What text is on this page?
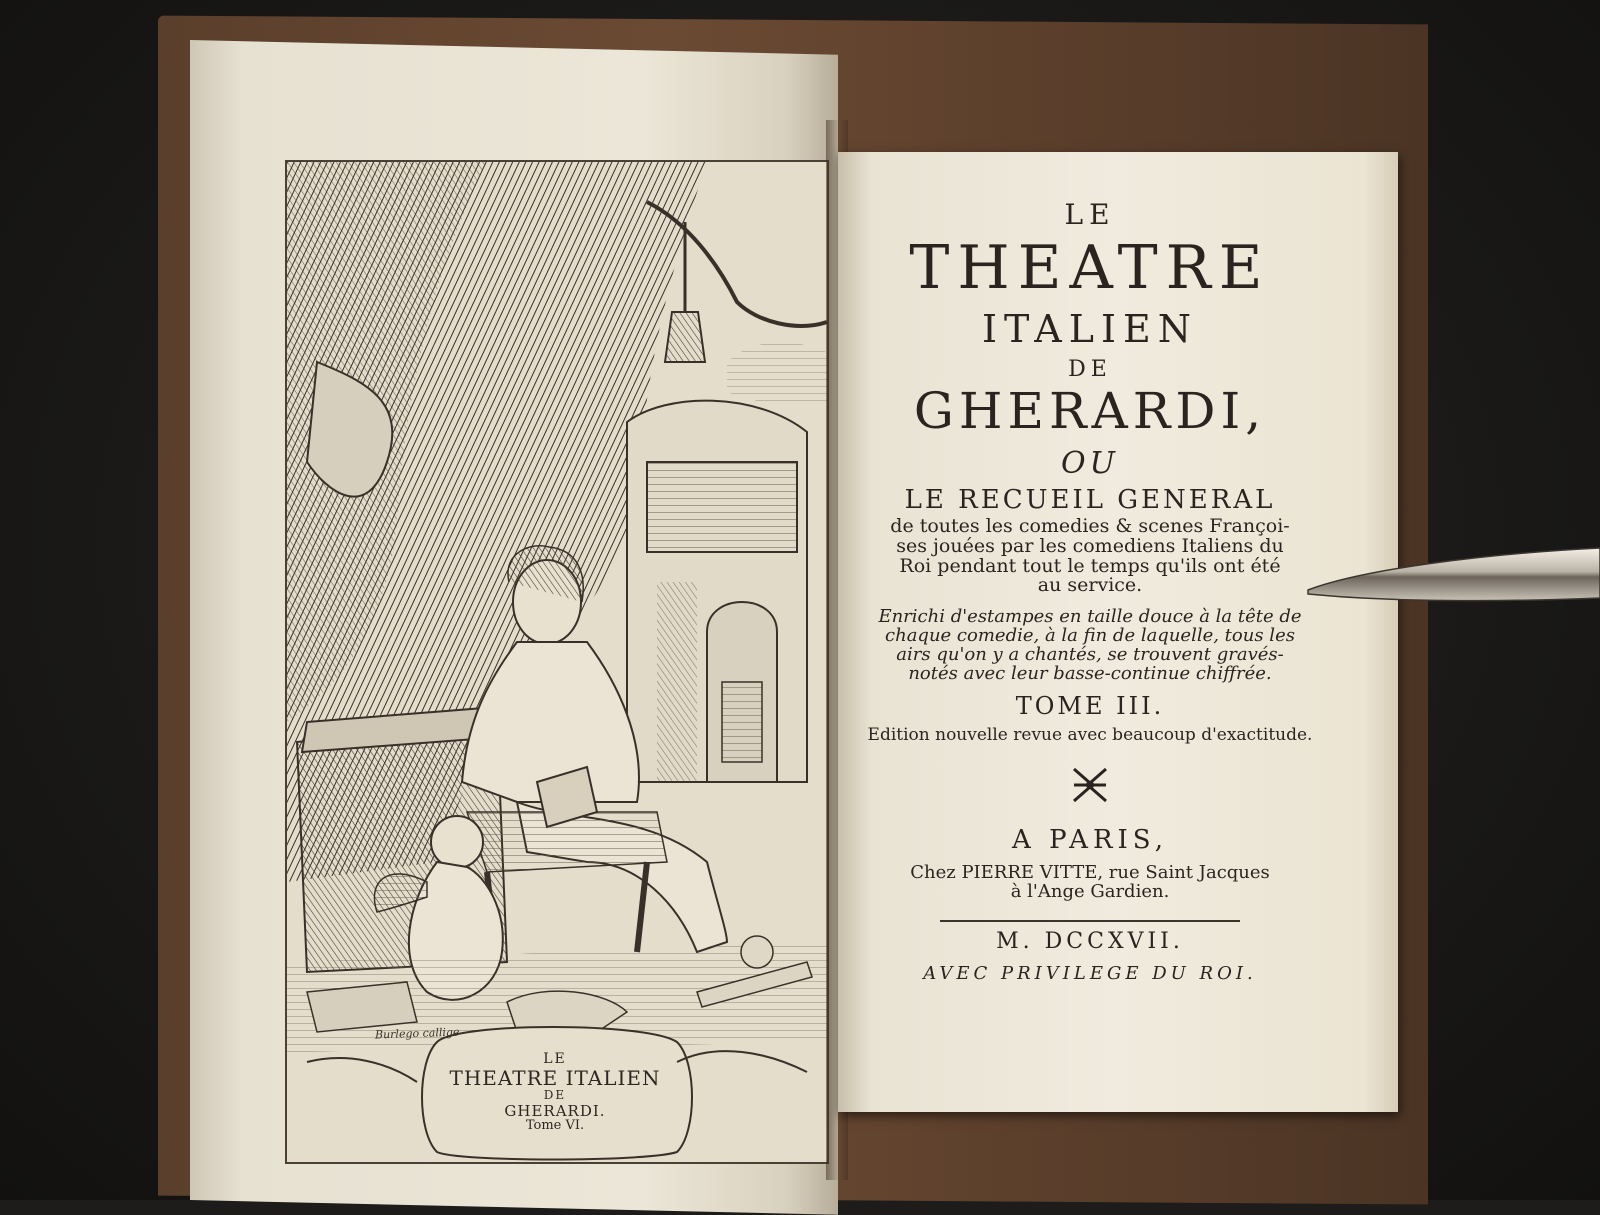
Burlego callige
LE
THEATRE ITALIEN
DE
GHERARDI.
Tome VI.
LE
THEATRE
ITALIEN
DE
GHERARDI,
OU
LE RECUEIL GENERAL
de toutes les comedies & scenes Françoi-
ses jouées par les comediens Italiens du
Roi pendant tout le temps qu'ils ont été
au service.
Enrichi d'estampes en taille douce à la tête de
chaque comedie, à la fin de laquelle, tous les
airs qu'on y a chantés, se trouvent gravés-
notés avec leur basse-continue chiffrée.
TOME III.
Edition nouvelle revue avec beaucoup d'exactitude.
A PARIS,
Chez PIERRE VITTE, rue Saint Jacques
à l'Ange Gardien.
M. DCCXVII.
AVEC PRIVILEGE DU ROI.
